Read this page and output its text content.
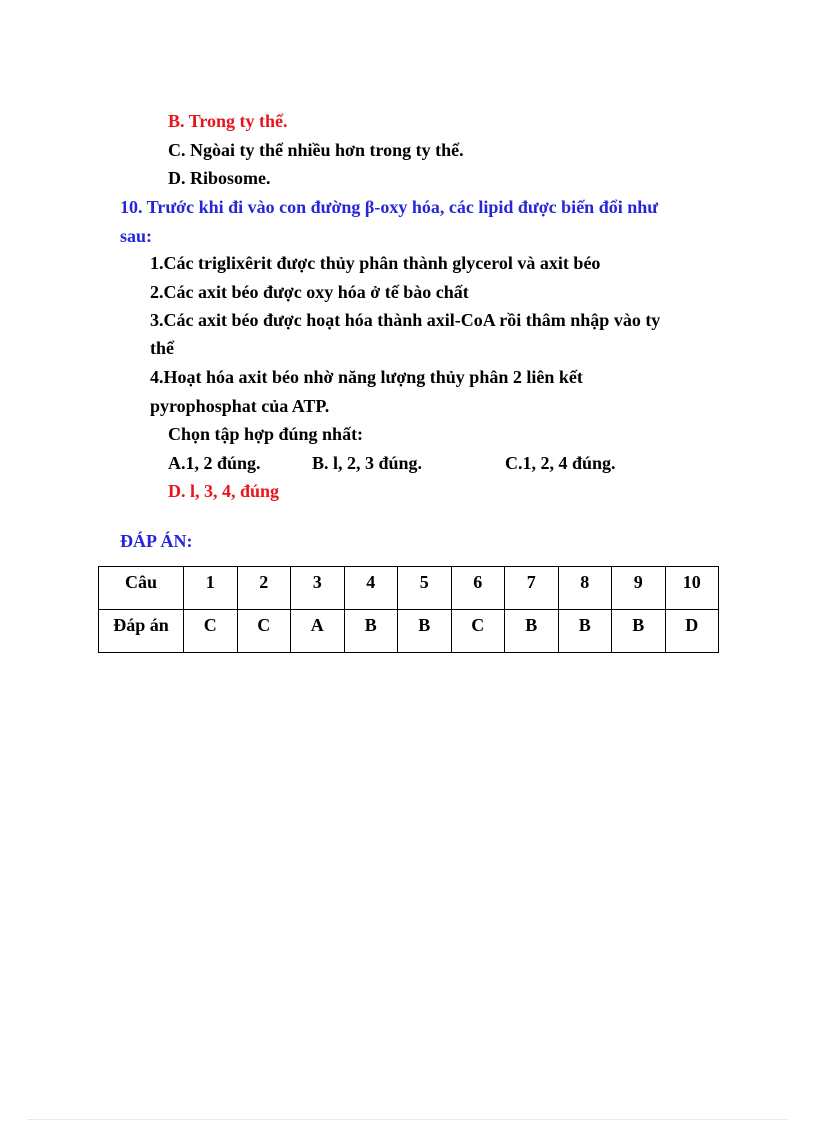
B. Trong ty thể.
C. Ngòai ty thể nhiều hơn trong ty thể.
D. Ribosome.
10. Trước khi đi vào con đường β-oxy hóa, các lipid được biến đổi như
sau:
1.Các triglixêrit được thủy phân thành glycerol và axit béo
2.Các axit béo được oxy hóa ở tế bào chất
3.Các axit béo được hoạt hóa thành axil-CoA rồi thâm nhập vào ty
thể
4.Hoạt hóa axit béo nhờ năng lượng thủy phân 2 liên kết
pyrophosphat của ATP.
Chọn tập hợp đúng nhất:
A.1, 2 đúng.	B. l, 2, 3 đúng.	C.1, 2, 4 đúng.
D. l, 3, 4, đúng
ĐÁP ÁN:
Câu	1	2	3	4	5	6	7	8	9	10
Đáp án	C	C	A	B	B	C	B	B	B	D
